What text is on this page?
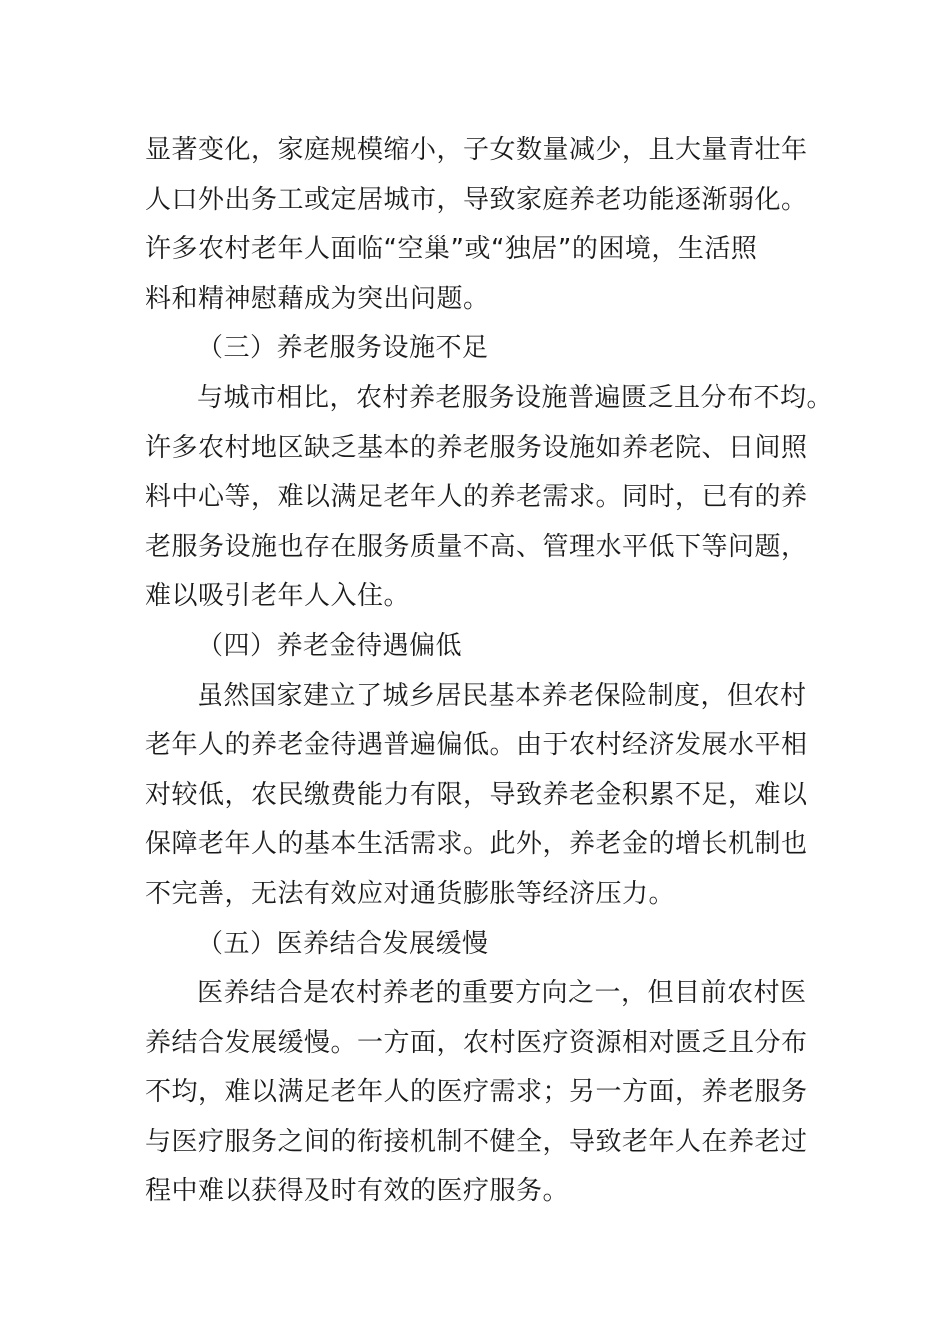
显著变化，家庭规模缩小，子女数量减少，且大量青壮年
人口外出务工或定居城市，导致家庭养老功能逐渐弱化。
许多农村老年人面临“空巢”或“独居”的困境，生活照
料和精神慰藉成为突出问题。
（三）养老服务设施不足
与城市相比，农村养老服务设施普遍匮乏且分布不均。
许多农村地区缺乏基本的养老服务设施如养老院、日间照
料中心等，难以满足老年人的养老需求。同时，已有的养
老服务设施也存在服务质量不高、管理水平低下等问题，
难以吸引老年人入住。
（四）养老金待遇偏低
虽然国家建立了城乡居民基本养老保险制度，但农村
老年人的养老金待遇普遍偏低。由于农村经济发展水平相
对较低，农民缴费能力有限，导致养老金积累不足，难以
保障老年人的基本生活需求。此外，养老金的增长机制也
不完善，无法有效应对通货膨胀等经济压力。
（五）医养结合发展缓慢
医养结合是农村养老的重要方向之一，但目前农村医
养结合发展缓慢。一方面，农村医疗资源相对匮乏且分布
不均，难以满足老年人的医疗需求；另一方面，养老服务
与医疗服务之间的衔接机制不健全，导致老年人在养老过
程中难以获得及时有效的医疗服务。
